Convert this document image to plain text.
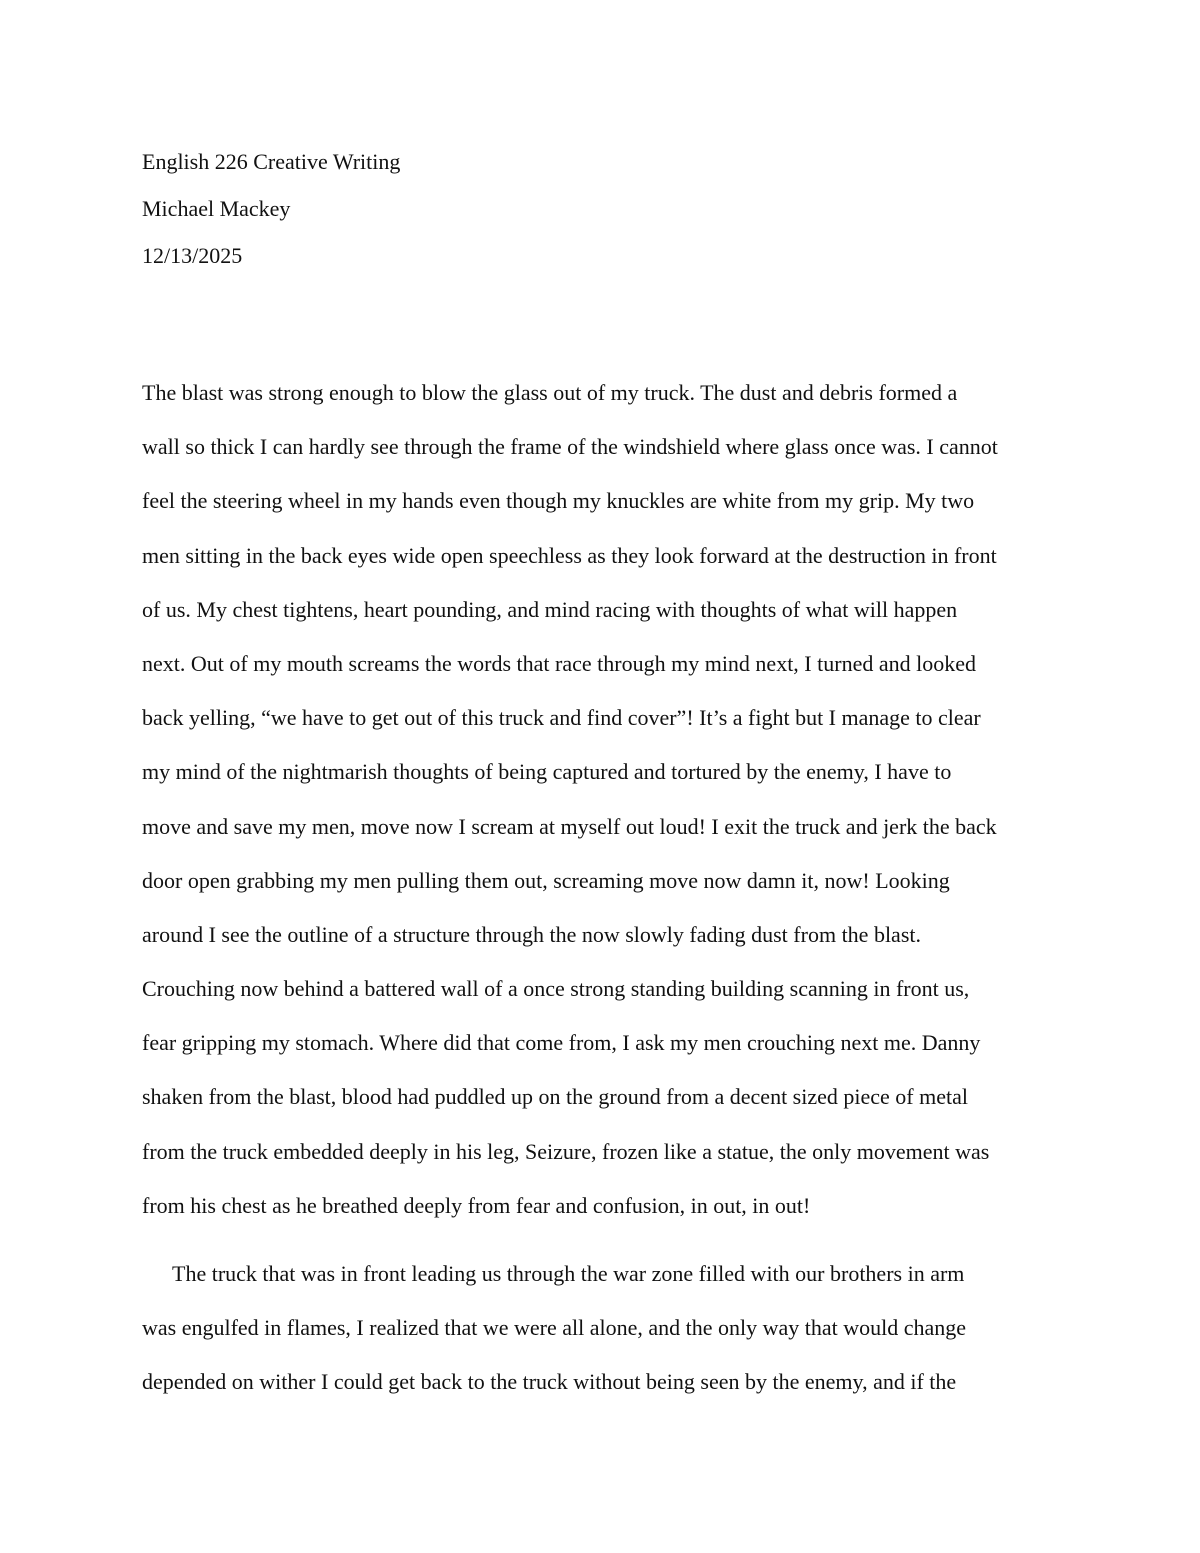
English 226 Creative Writing
Michael Mackey
12/13/2025
The blast was strong enough to blow the glass out of my truck. The dust and debris formed a
wall so thick I can hardly see through the frame of the windshield where glass once was. I cannot
feel the steering wheel in my hands even though my knuckles are white from my grip. My two
men sitting in the back eyes wide open speechless as they look forward at the destruction in front
of us. My chest tightens, heart pounding, and mind racing with thoughts of what will happen
next. Out of my mouth screams the words that race through my mind next, I turned and looked
back yelling, “we have to get out of this truck and find cover”! It’s a fight but I manage to clear
my mind of the nightmarish thoughts of being captured and tortured by the enemy, I have to
move and save my men, move now I scream at myself out loud! I exit the truck and jerk the back
door open grabbing my men pulling them out, screaming move now damn it, now! Looking
around I see the outline of a structure through the now slowly fading dust from the blast.
Crouching now behind a battered wall of a once strong standing building scanning in front us,
fear gripping my stomach. Where did that come from, I ask my men crouching next me. Danny
shaken from the blast, blood had puddled up on the ground from a decent sized piece of metal
from the truck embedded deeply in his leg, Seizure, frozen like a statue, the only movement was
from his chest as he breathed deeply from fear and confusion, in out, in out!
The truck that was in front leading us through the war zone filled with our brothers in arm
was engulfed in flames, I realized that we were all alone, and the only way that would change
depended on wither I could get back to the truck without being seen by the enemy, and if the
